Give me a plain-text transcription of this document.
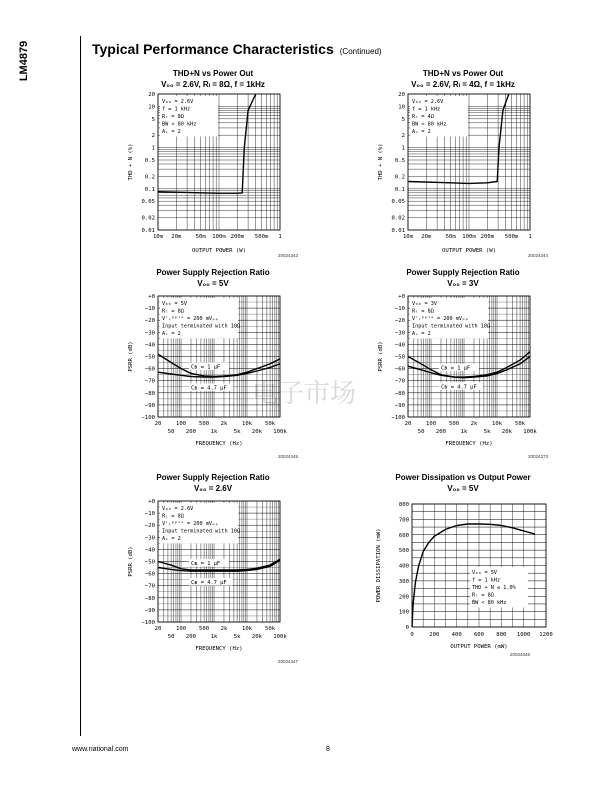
LM4879	Typical Performance Characteristics (Continued)
电子市场
THD+N vs Power Out
V₀₀ = 2.6V, Rₗ = 8Ω, f = 1kHz
20
10
5
2
1
0.5
0.2
0.1
0.05
0.02
0.01
10m 20m	50m 100m 200m 500m 1
OUTPUT POWER (W)
THD + N (%)
V₀₀ = 2.6V
f = 1 kHz
Rₗ = 8Ω
BW < 80 kHz
Aᵥ = 2
20024343
THD+N vs Power Out
V₀₀ = 2.6V, Rₗ = 4Ω, f = 1kHz
20
10
5
2
1
0.5
0.2
0.1
0.05
0.02
0.01
10m 20m	50m 100m 200m 500m 1
OUTPUT POWER (W)
THD + N (%)
V₀₀ = 2.6V
f = 1 kHz
Rₗ = 4Ω
BW < 80 kHz
Aᵥ = 2
20024344
Power Supply Rejection Ratio
V₀₀ = 5V
+0
−10
−20
−30
−40
−50
−60
−70
−80
−90
−100
20	100 500 2k	10k 50k
50 200	1k	5k 20k 100k
FREQUENCY (Hz)
PSRR (dB)
V₀₀ = 5V
Rₗ = 8Ω
Vʳᵢᵖᵖˡᵉ = 200 mVₚₚ
Input terminated with 10Ω
Aᵥ = 2
Cʙ = 1 µF
Cʙ = 4.7 µF
20024345
Power Supply Rejection Ratio
V₀₀ = 3V
+0
−10
−20
−30
−40
−50
−60
−70
−80
−90
−100
20	100 500 2k	10k 50k
50 200	1k	5k 20k 100k
FREQUENCY (Hz)
PSRR (dB)
V₀₀ = 3V
Rₗ = 8Ω
Vʳᵢᵖᵖˡᵉ = 200 mVₚₚ
Input terminated with 10Ω
Aᵥ = 2
Cʙ = 1 µF
Cʙ = 4.7 µF
20024373
Power Supply Rejection Ratio
V₀₀ = 2.6V
+0
−10
−20
−30
−40
−50
−60
−70
−80
−90
−100
20	100 500 2k	10k 50k
50 200	1k	5k 20k 100k
FREQUENCY (Hz)
PSRR (dB)
V₀₀ = 2.6V
Rₗ = 8Ω
Vʳᵢᵖᵖˡᵉ = 200 mVₚₚ
Input terminated with 10Ω
Aᵥ = 2
Cʙ = 1 µF
Cʙ = 4.7 µF
20024347
Power Dissipation vs Output Power
V₀₀ = 5V
800
700
600
500
400
300
200
100
0
0	200 400 600 800 1000 1200
OUTPUT POWER (mW)
POWER DISSIPATION (mW)	V₀₀ = 5V
f = 1 kHz
THD + N ≤ 1.0%
Rₗ = 8Ω
BW < 80 kHz
20024346
www.national.com	8
